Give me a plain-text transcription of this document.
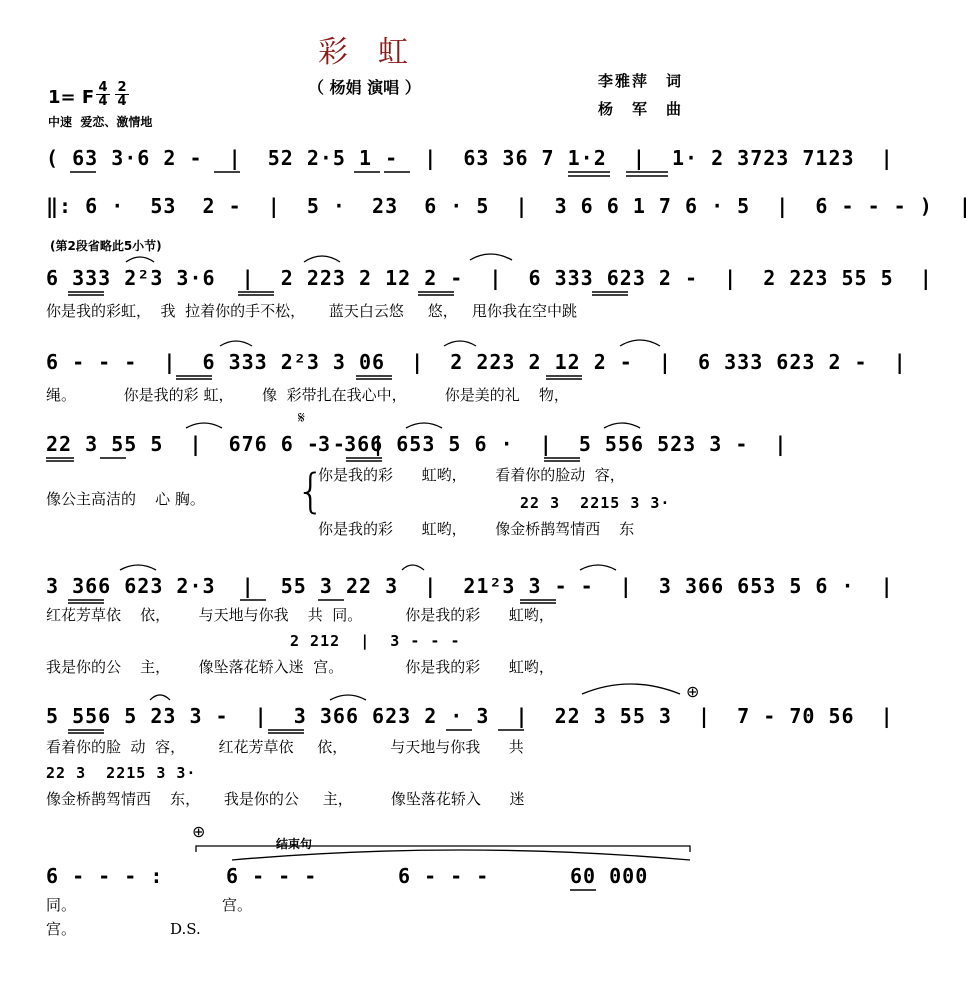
彩　虹
（ 杨娟 演唱 ）	李雅萍　词
杨　军　曲
1= F $\frac{4}{4} \frac{2}{4}$
中速  爱恋、激情地
( 63 3·6 2 -  |  52 2·5 1 -  |  63 36 7 1·2  |  1· 2 3723 7123  |
‖: 6 ·  53  2 -  |  5 ·  23  6 · 5  |  3 6 6 1 7 6 · 5  |  6 - - - )  |
(第2段省略此5小节)
6 333 2²3 3·6  |  2 223 2 12 2 -  |  6 333 623 2 -  |  2 223 55 5  |
你是我的彩虹，  我  拉着你的手不松，     蓝天白云悠     悠，   甩你我在空中跳
6 - - -  |  6 333 2²3 3 06  |  2 223 2 12 2 -  |  6 333 623 2 -  |
绳。          你是我的彩 虹，      像  彩带扎在我心中，        你是美的礼    物，
22 3 55 5  |  676 6 - -  |
𝄋
3 366 653 5 6 ·  |  5 556 523 3 -  |
像公主高洁的    心 胸。 {
你是我的彩      虹哟，      看着你的脸动  容，
22 3  2215 3 3·
你是我的彩      虹哟，      像金桥鹊驾情西    东
3 366 623 2·3  |  55 3 22 3  |  21²3 3 - -  |  3 366 653 5 6 ·  |
红花芳草依    依，      与天地与你我    共  同。         你是我的彩      虹哟，
2 212  |  3 - - -
我是你的公    主，      像坠落花轿入迷  宫。             你是我的彩      虹哟，
⊕
5 556 5 23 3 -  |  3 366 623 2 · 3  |  22 3 55 3  |  7 - 70 56  |
看着你的脸  动  容，       红花芳草依     依，         与天地与你我      共
22 3  2215 3 3·
像金桥鹊驾情西    东，     我是你的公     主，        像坠落花轿入      迷
⊕
结束句
6 - - - :	6 - - -	6 - - -	60 000
同。	宫。
宫。	D.S.
